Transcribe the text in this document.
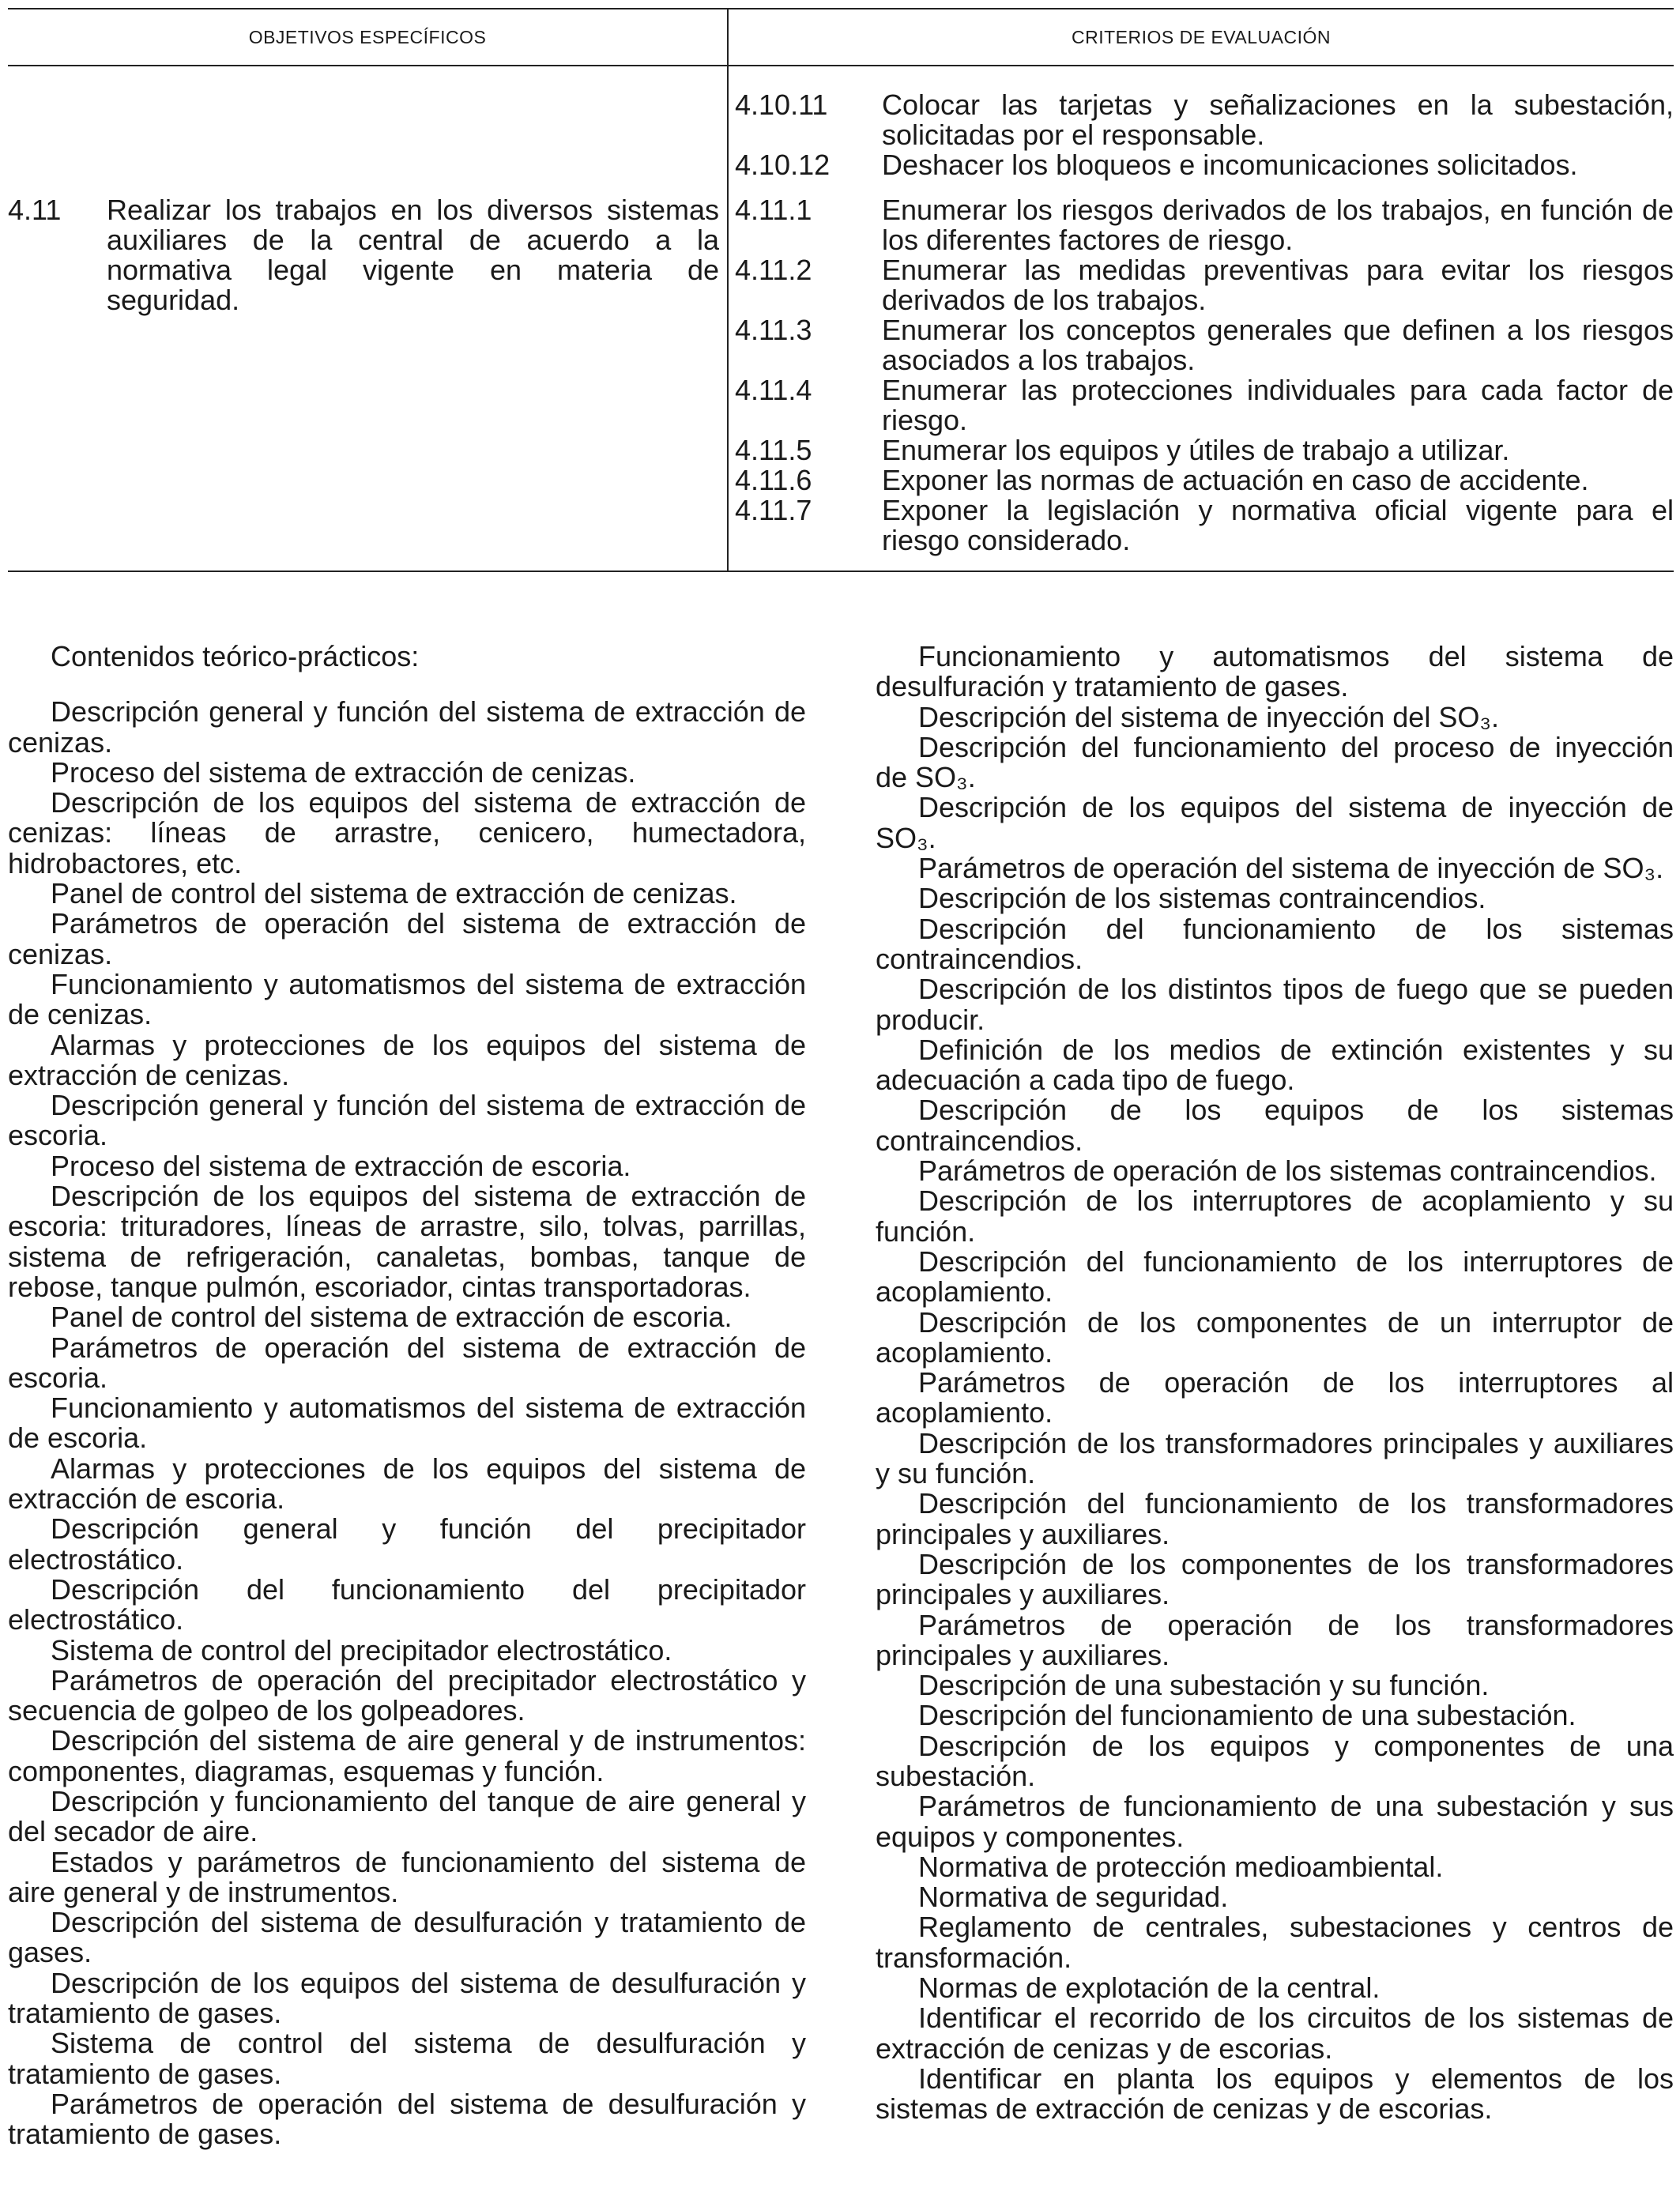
OBJETIVOS ESPECÍFICOS	CRITERIOS DE EVALUACIÓN
4.11 Realizar los trabajos en los diversos sistemas auxiliares de la central de acuerdo a la normativa legal vigente en materia de seguridad.
4.10.11 Colocar las tarjetas y señalizaciones en la subestación, solicitadas por el responsable.
4.10.12 Deshacer los bloqueos e incomunicaciones solicitados.
4.11.1 Enumerar los riesgos derivados de los trabajos, en función de los diferentes factores de riesgo.
4.11.2 Enumerar las medidas preventivas para evitar los riesgos derivados de los trabajos.
4.11.3 Enumerar los conceptos generales que definen a los riesgos asociados a los trabajos.
4.11.4 Enumerar las protecciones individuales para cada factor de riesgo.
4.11.5 Enumerar los equipos y útiles de trabajo a utilizar.
4.11.6 Exponer las normas de actuación en caso de accidente.
4.11.7 Exponer la legislación y normativa oficial vigente para el riesgo considerado.

Contenidos teórico-prácticos:

Descripción general y función del sistema de extracción de cenizas.

Proceso del sistema de extracción de cenizas.

Descripción de los equipos del sistema de extracción de cenizas: líneas de arrastre, cenicero, humectadora, hidrobactores, etc.

Panel de control del sistema de extracción de cenizas.

Parámetros de operación del sistema de extracción de cenizas.

Funcionamiento y automatismos del sistema de extracción de cenizas.

Alarmas y protecciones de los equipos del sistema de extracción de cenizas.

Descripción general y función del sistema de extracción de escoria.

Proceso del sistema de extracción de escoria.

Descripción de los equipos del sistema de extracción de escoria: trituradores, líneas de arrastre, silo, tolvas, parrillas, sistema de refrigeración, canaletas, bombas, tanque de rebose, tanque pulmón, escoriador, cintas transportadoras.

Panel de control del sistema de extracción de escoria.

Parámetros de operación del sistema de extracción de escoria.

Funcionamiento y automatismos del sistema de extracción de escoria.

Alarmas y protecciones de los equipos del sistema de extracción de escoria.

Descripción general y función del precipitador electrostático.

Descripción del funcionamiento del precipitador electrostático.

Sistema de control del precipitador electrostático.

Parámetros de operación del precipitador electrostático y secuencia de golpeo de los golpeadores.

Descripción del sistema de aire general y de instrumentos: componentes, diagramas, esquemas y función.

Descripción y funcionamiento del tanque de aire general y del secador de aire.

Estados y parámetros de funcionamiento del sistema de aire general y de instrumentos.

Descripción del sistema de desulfuración y tratamiento de gases.

Descripción de los equipos del sistema de desulfuración y tratamiento de gases.

Sistema de control del sistema de desulfuración y tratamiento de gases.

Parámetros de operación del sistema de desulfuración y tratamiento de gases.

Funcionamiento y automatismos del sistema de desulfuración y tratamiento de gases.

Descripción del sistema de inyección del SO₃.

Descripción del funcionamiento del proceso de inyección de SO₃.

Descripción de los equipos del sistema de inyección de SO₃.

Parámetros de operación del sistema de inyección de SO₃.

Descripción de los sistemas contraincendios.

Descripción del funcionamiento de los sistemas contraincendios.

Descripción de los distintos tipos de fuego que se pueden producir.

Definición de los medios de extinción existentes y su adecuación a cada tipo de fuego.

Descripción de los equipos de los sistemas contraincendios.

Parámetros de operación de los sistemas contraincendios.

Descripción de los interruptores de acoplamiento y su función.

Descripción del funcionamiento de los interruptores de acoplamiento.

Descripción de los componentes de un interruptor de acoplamiento.

Parámetros de operación de los interruptores al acoplamiento.

Descripción de los transformadores principales y auxiliares y su función.

Descripción del funcionamiento de los transformadores principales y auxiliares.

Descripción de los componentes de los transformadores principales y auxiliares.

Parámetros de operación de los transformadores principales y auxiliares.

Descripción de una subestación y su función.

Descripción del funcionamiento de una subestación.

Descripción de los equipos y componentes de una subestación.

Parámetros de funcionamiento de una subestación y sus equipos y componentes.

Normativa de protección medioambiental.

Normativa de seguridad.

Reglamento de centrales, subestaciones y centros de transformación.

Normas de explotación de la central.

Identificar el recorrido de los circuitos de los sistemas de extracción de cenizas y de escorias.

Identificar en planta los equipos y elementos de los sistemas de extracción de cenizas y de escorias.
